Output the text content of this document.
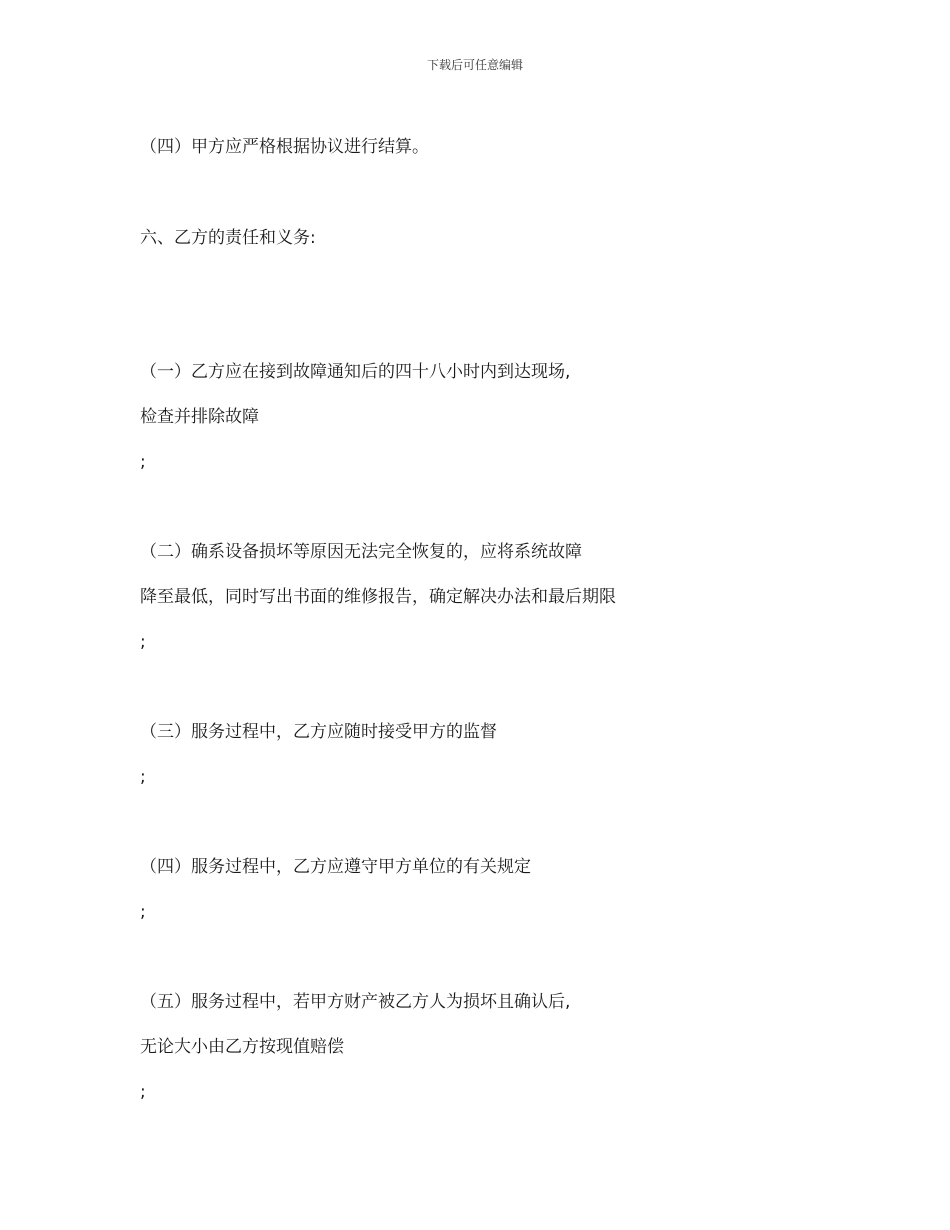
下载后可任意编辑
（四）甲方应严格根据协议进行结算。
六、乙方的责任和义务:
（一）乙方应在接到故障通知后的四十八小时内到达现场,
检查并排除故障
;
（二）确系设备损坏等原因无法完全恢复的，应将系统故障
降至最低，同时写出书面的维修报告，确定解决办法和最后期限
;
（三）服务过程中，乙方应随时接受甲方的监督
;
（四）服务过程中，乙方应遵守甲方单位的有关规定
;
（五）服务过程中，若甲方财产被乙方人为损坏且确认后,
无论大小由乙方按现值赔偿
;
